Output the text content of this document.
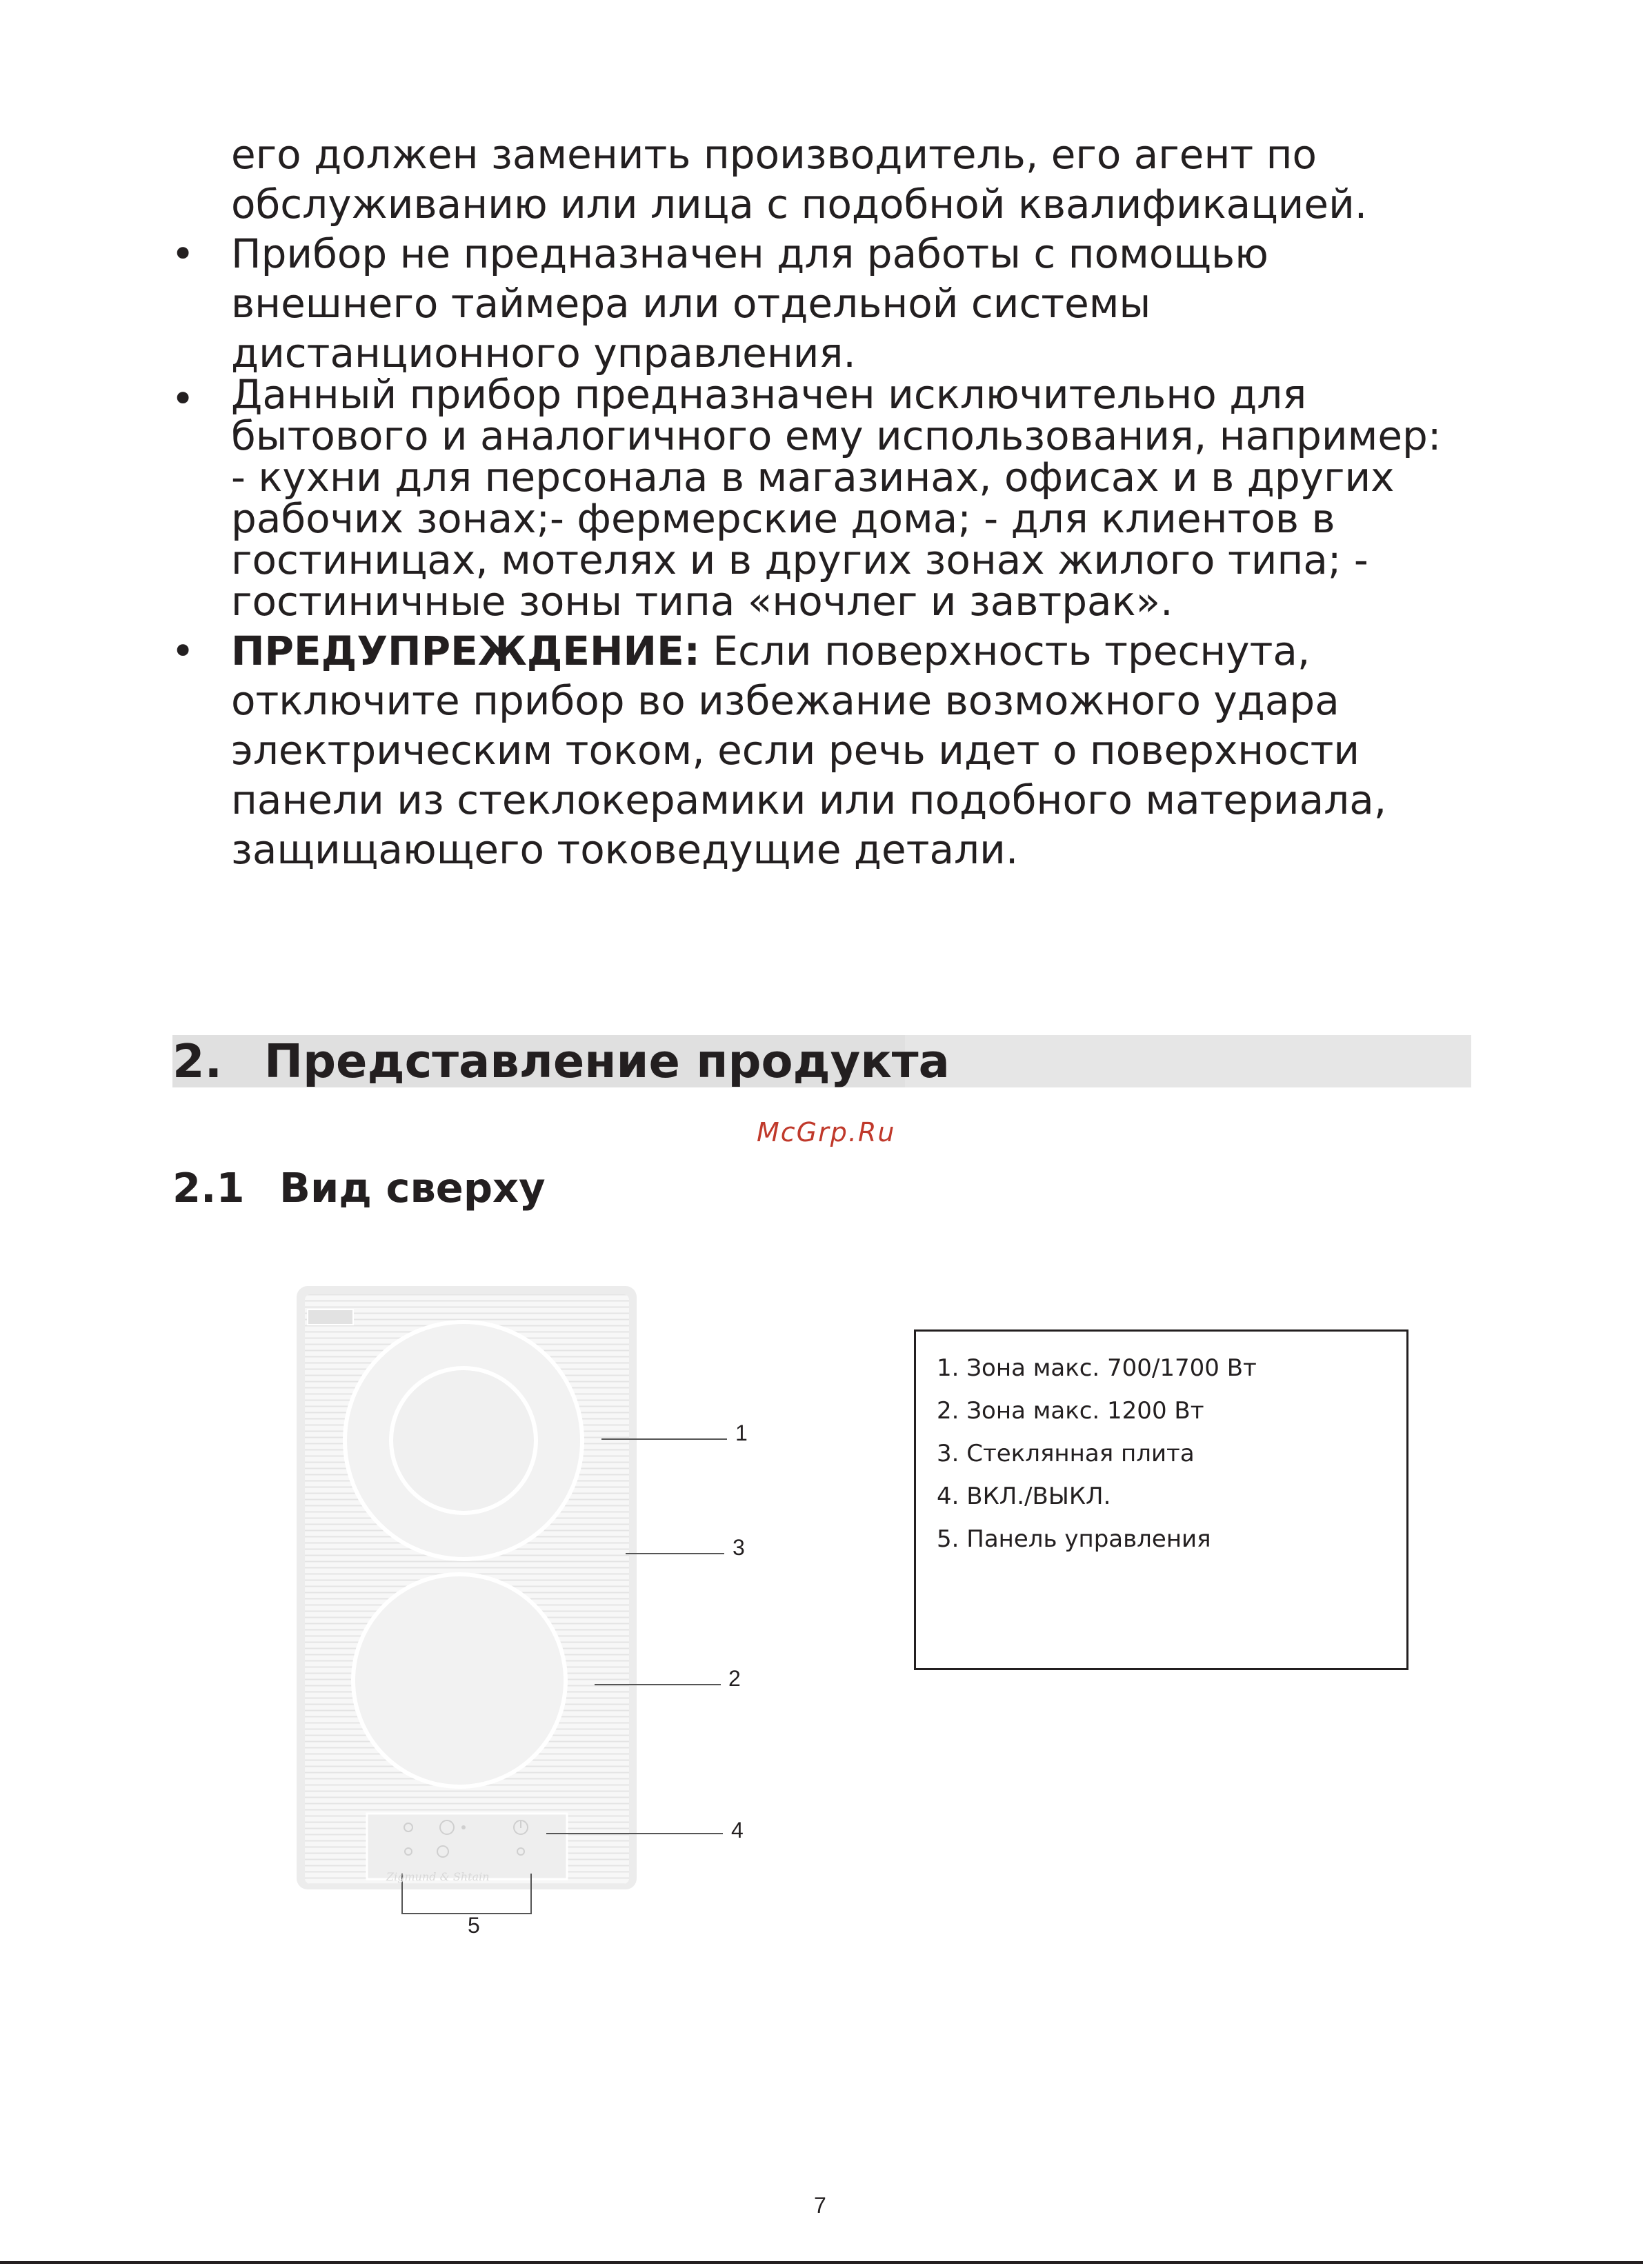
его должен заменить производитель, его агент по
обслуживанию или лица с подобной квалификацией.
• Прибор не предназначен для работы с помощью
внешнего таймера или отдельной системы
дистанционного управления.
• Данный прибор предназначен исключительно для
бытового и аналогичного ему использования, например:
- кухни для персонала в магазинах, офисах и в других
рабочих зонах;- фермерские дома; - для клиентов в
гостиницах, мотелях и в других зонах жилого типа; -
гостиничные зоны типа «ночлег и завтрак».
• ПРЕДУПРЕЖДЕНИЕ: Если поверхность треснута,
отключите прибор во избежание возможного удара
электрическим током, если речь идет о поверхности
панели из стеклокерамики или подобного материала,
защищающего токоведущие детали.
2. Представление продукта
McGrp.Ru
2.1 Вид сверху
Zigmund & Shtain
1
3
2
4
5
1. Зона макс. 700/1700 Вт
2. Зона макс. 1200 Вт
3. Стеклянная плита
4. ВКЛ./ВЫКЛ.
5. Панель управления
7
